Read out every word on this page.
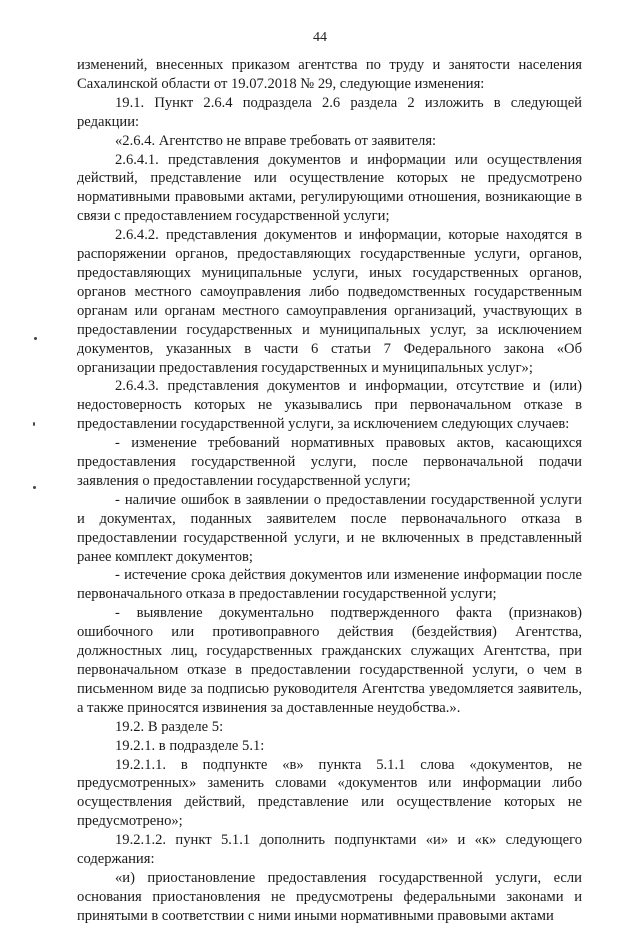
44

изменений, внесенных приказом агентства по труду и занятости населения Сахалинской области от 19.07.2018 № 29, следующие изменения:

19.1. Пункт 2.6.4 подраздела 2.6 раздела 2 изложить в следующей редакции:

«2.6.4. Агентство не вправе требовать от заявителя:

2.6.4.1. представления документов и информации или осуществления действий, представление или осуществление которых не предусмотрено нормативными правовыми актами, регулирующими отношения, возникающие в связи с предоставлением государственной услуги;

2.6.4.2. представления документов и информации, которые находятся в распоряжении органов, предоставляющих государственные услуги, органов, предоставляющих муниципальные услуги, иных государственных органов, органов местного самоуправления либо подведомственных государственным органам или органам местного самоуправления организаций, участвующих в предоставлении государственных и муниципальных услуг, за исключением документов, указанных в части 6 статьи 7 Федерального закона «Об организации предоставления государственных и муниципальных услуг»;

2.6.4.3. представления документов и информации, отсутствие и (или) недостоверность которых не указывались при первоначальном отказе в предоставлении государственной услуги, за исключением следующих случаев:

- изменение требований нормативных правовых актов, касающихся предоставления государственной услуги, после первоначальной подачи заявления о предоставлении государственной услуги;

- наличие ошибок в заявлении о предоставлении государственной услуги и документах, поданных заявителем после первоначального отказа в предоставлении государственной услуги, и не включенных в представленный ранее комплект документов;

- истечение срока действия документов или изменение информации после первоначального отказа в предоставлении государственной услуги;

- выявление документально подтвержденного факта (признаков) ошибочного или противоправного действия (бездействия) Агентства, должностных лиц, государственных гражданских служащих Агентства, при первоначальном отказе в предоставлении государственной услуги, о чем в письменном виде за подписью руководителя Агентства уведомляется заявитель, а также приносятся извинения за доставленные неудобства.».

19.2. В разделе 5:

19.2.1. в подразделе 5.1:

19.2.1.1. в подпункте «в» пункта 5.1.1 слова «документов, не предусмотренных» заменить словами «документов или информации либо осуществления действий, представление или осуществление которых не предусмотрено»;

19.2.1.2. пункт 5.1.1 дополнить подпунктами «и» и «к» следующего содержания:

«и) приостановление предоставления государственной услуги, если основания приостановления не предусмотрены федеральными законами и принятыми в соответствии с ними иными нормативными правовыми актами
